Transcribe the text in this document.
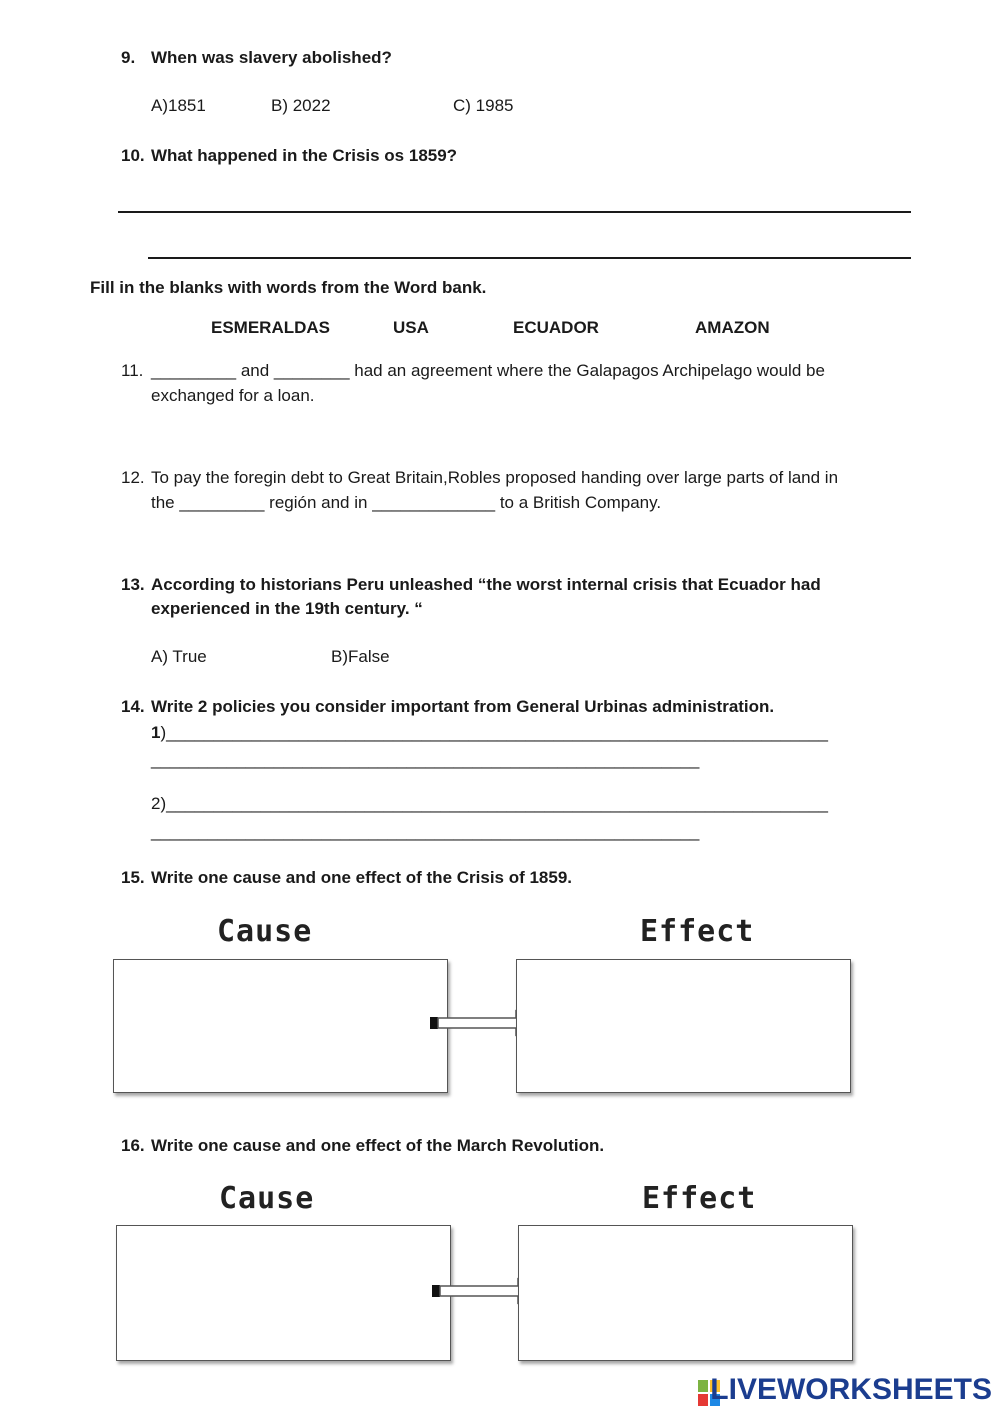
9. When was slavery abolished?
A)1851	B) 2022	C) 1985
10. What happened in the Crisis os 1859?
Fill in the blanks with words from the Word bank.
ESMERALDAS	USA	ECUADOR	AMAZON
11. _________ and ________ had an agreement where the Galapagos Archipelago would be
exchanged for a loan.
12. To pay the foregin debt to Great Britain,Robles proposed handing over large parts of land in
the _________ región and in _____________ to a British Company.
13. According to historians Peru unleashed “the worst internal crisis that Ecuador had
experienced in the 19th century. “
A) True	B)False
14. Write 2 policies you consider important from General Urbinas administration.
1)______________________________________________________________________
__________________________________________________________
2)______________________________________________________________________
__________________________________________________________
15. Write one cause and one effect of the Crisis of 1859.
Cause	Effect
16. Write one cause and one effect of the March Revolution.
Cause	Effect
LIVEWORKSHEETS
